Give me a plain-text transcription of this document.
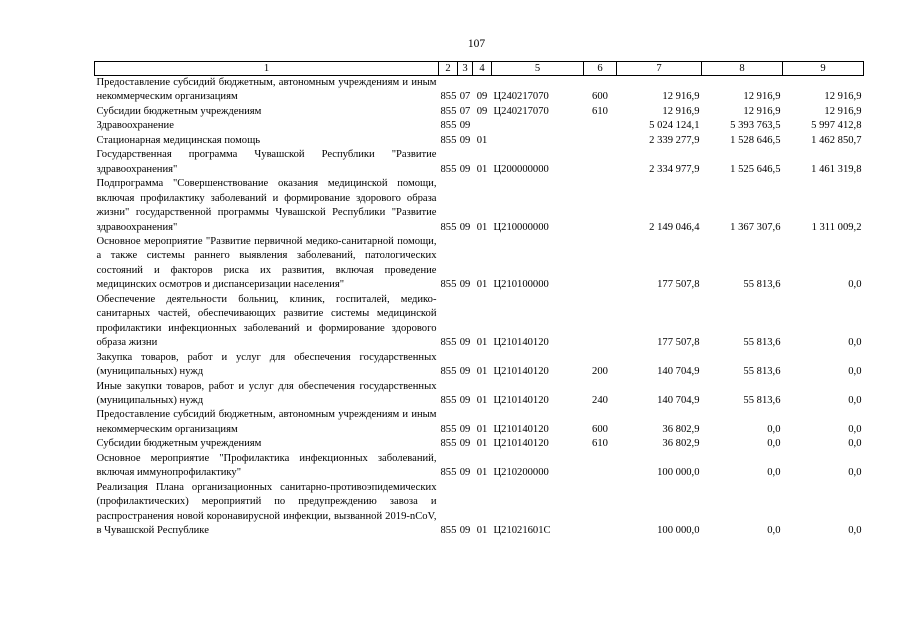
107
1	2	3	4	5	6	7	8	9
Предоставление субсидий бюджетным, автономным учреждениям и иным некоммерческим организациям	855	07	09	Ц240217070	600	12 916,9	12 916,9	12 916,9
Субсидии бюджетным учреждениям	855	07	09	Ц240217070	610	12 916,9	12 916,9	12 916,9
Здравоохранение	855	09				5 024 124,1	5 393 763,5	5 997 412,8
Стационарная медицинская помощь	855	09	01			2 339 277,9	1 528 646,5	1 462 850,7
Государственная программа Чувашской Республики "Развитие здравоохранения"	855	09	01	Ц200000000		2 334 977,9	1 525 646,5	1 461 319,8
Подпрограмма "Совершенствование оказания медицинской помощи, включая профилактику заболеваний и формирование здорового образа жизни" государственной программы Чувашской Республики "Развитие здравоохранения"	855	09	01	Ц210000000		2 149 046,4	1 367 307,6	1 311 009,2
Основное мероприятие "Развитие первичной медико-санитарной помощи, а также системы раннего выявления заболеваний, патологических состояний и факторов риска их развития, включая проведение медицинских осмотров и диспансеризации населения"	855	09	01	Ц210100000		177 507,8	55 813,6	0,0
Обеспечение деятельности больниц, клиник, госпиталей, медико-санитарных частей, обеспечивающих развитие системы медицинской профилактики инфекционных заболеваний и формирование здорового образа жизни	855	09	01	Ц210140120		177 507,8	55 813,6	0,0
Закупка товаров, работ и услуг для обеспечения государственных (муниципальных) нужд	855	09	01	Ц210140120	200	140 704,9	55 813,6	0,0
Иные закупки товаров, работ и услуг для обеспечения государственных (муниципальных) нужд	855	09	01	Ц210140120	240	140 704,9	55 813,6	0,0
Предоставление субсидий бюджетным, автономным учреждениям и иным некоммерческим организациям	855	09	01	Ц210140120	600	36 802,9	0,0	0,0
Субсидии бюджетным учреждениям	855	09	01	Ц210140120	610	36 802,9	0,0	0,0
Основное мероприятие "Профилактика инфекционных заболеваний, включая иммунопрофилактику"	855	09	01	Ц210200000		100 000,0	0,0	0,0
Реализация Плана организационных санитарно-противоэпидемических (профилактических) мероприятий по предупреждению завоза и распространения новой коронавирусной инфекции, вызванной 2019-nCoV, в Чувашской Республике	855	09	01	Ц21021601С		100 000,0	0,0	0,0
